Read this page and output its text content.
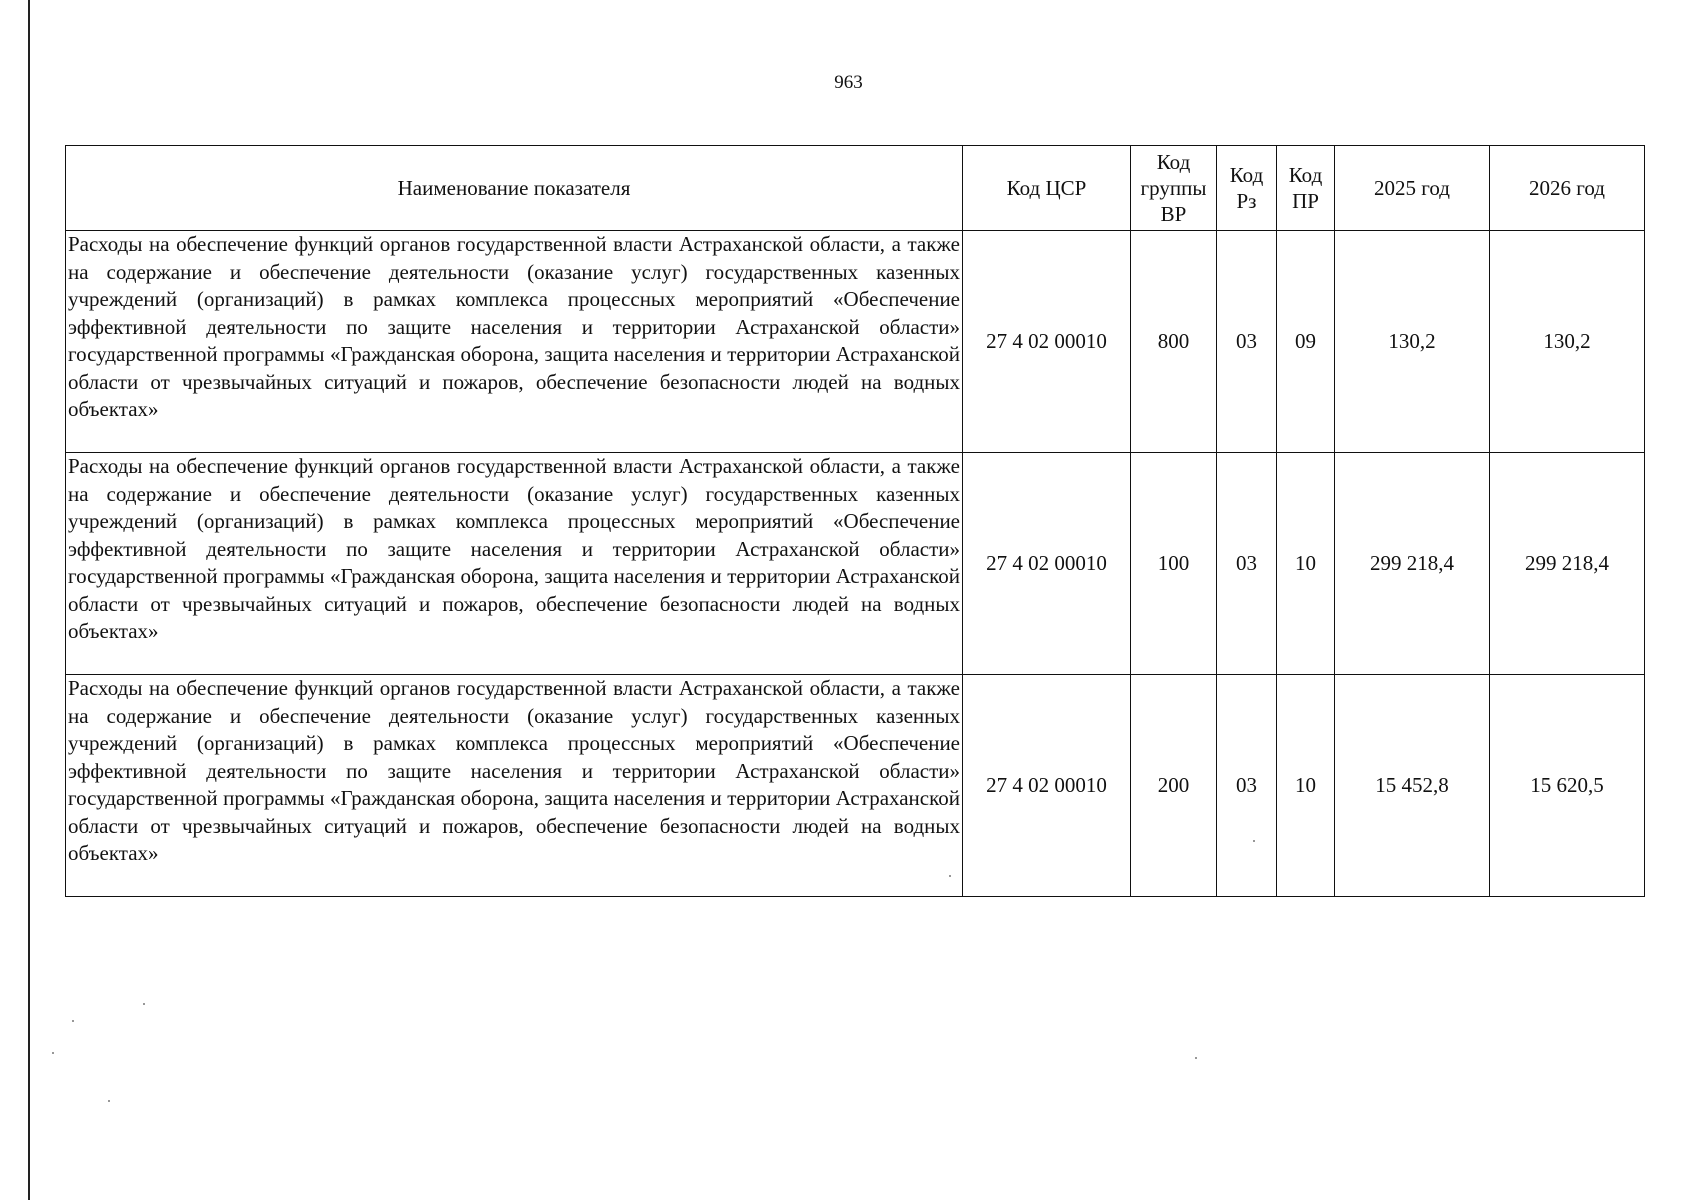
963
Наименование показателя	Код ЦСР	Код группы ВР	Код Рз	Код ПР	2025 год	2026 год
Расходы на обеспечение функций органов государственной власти Астраханской области, а также на содержание и обеспечение деятельности (оказание услуг) государственных казенных учреждений (организаций) в рамках комплекса процессных мероприятий «Обеспечение эффективной деятельности по защите населения и территории Астраханской области» государственной программы «Гражданская оборона, защита населения и территории Астраханской области от чрезвычайных ситуаций и пожаров, обеспечение безопасности людей на водных объектах»	27 4 02 00010	800	03	09	130,2	130,2
Расходы на обеспечение функций органов государственной власти Астраханской области, а также на содержание и обеспечение деятельности (оказание услуг) государственных казенных учреждений (организаций) в рамках комплекса процессных мероприятий «Обеспечение эффективной деятельности по защите населения и территории Астраханской области» государственной программы «Гражданская оборона, защита населения и территории Астраханской области от чрезвычайных ситуаций и пожаров, обеспечение безопасности людей на водных объектах»	27 4 02 00010	100	03	10	299 218,4	299 218,4
Расходы на обеспечение функций органов государственной власти Астраханской области, а также на содержание и обеспечение деятельности (оказание услуг) государственных казенных учреждений (организаций) в рамках комплекса процессных мероприятий «Обеспечение эффективной деятельности по защите населения и территории Астраханской области» государственной программы «Гражданская оборона, защита населения и территории Астраханской области от чрезвычайных ситуаций и пожаров, обеспечение безопасности людей на водных объектах»	27 4 02 00010	200	03	10	15 452,8	15 620,5
